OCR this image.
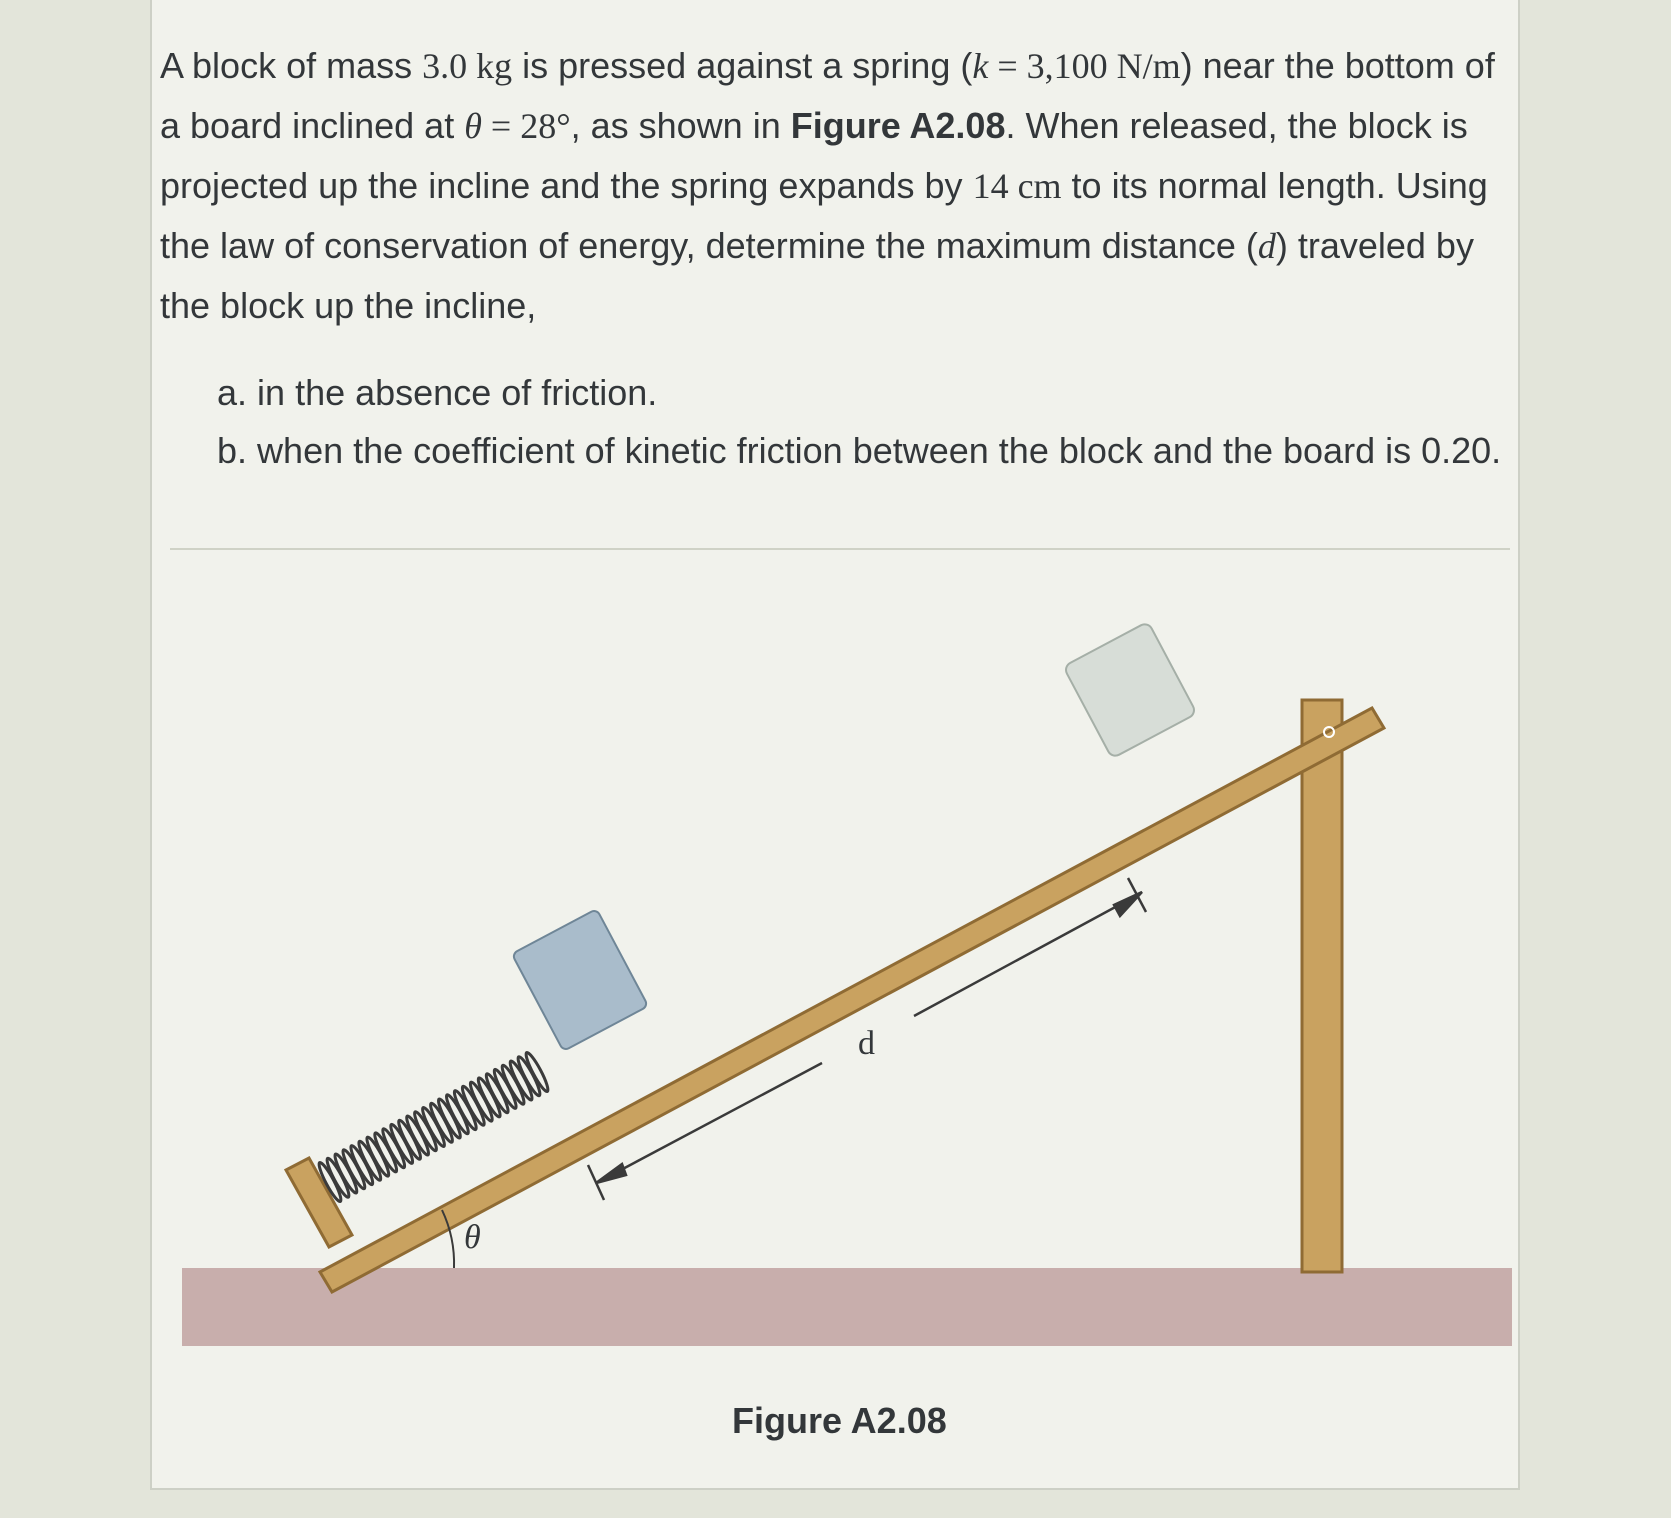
A block of mass 3.0 kg is pressed against a spring (k = 3,100 N/m) near the bottom of a board inclined at θ = 28°, as shown in Figure A2.08. When released, the block is projected up the incline and the spring expands by 14 cm to its normal length. Using the law of conservation of energy, determine the maximum distance (d) traveled by the block up the incline,

a. in the absence of friction.
b. when the coefficient of kinetic friction between the block and the board is 0.20.
θ
d
Figure A2.08
